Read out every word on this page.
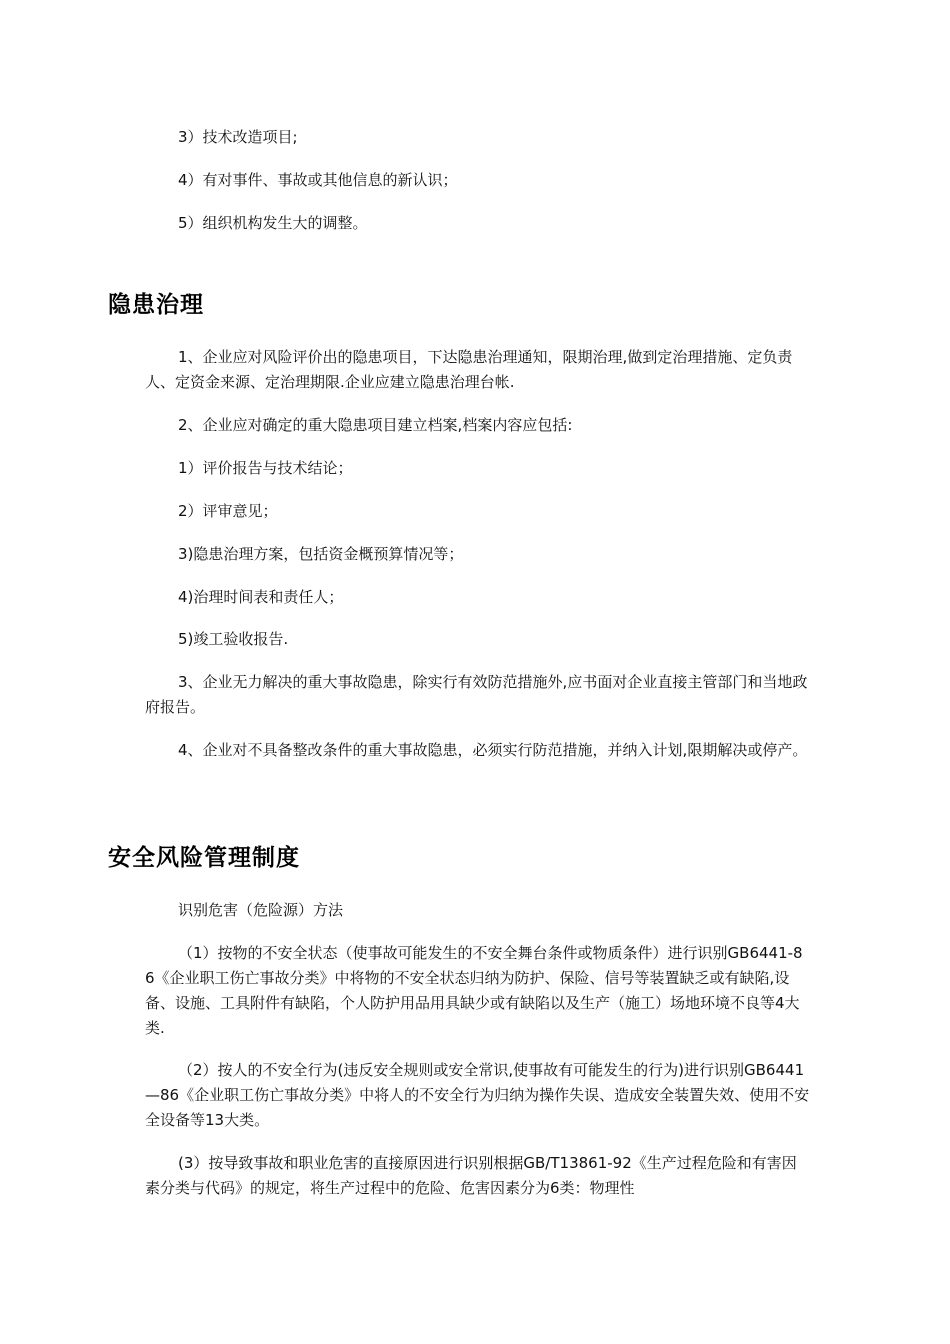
3）技术改造项目;

4）有对事件、事故或其他信息的新认识；

5）组织机构发生大的调整。

隐患治理

1、企业应对风险评价出的隐患项目，下达隐患治理通知，限期治理,做到定治理措施、定负责人、定资金来源、定治理期限.企业应建立隐患治理台帐.

2、企业应对确定的重大隐患项目建立档案,档案内容应包括:

1）评价报告与技术结论；

2）评审意见；

3)隐患治理方案，包括资金概预算情况等；

4)治理时间表和责任人；

5)竣工验收报告.

3、企业无力解决的重大事故隐患，除实行有效防范措施外,应书面对企业直接主管部门和当地政府报告。

4、企业对不具备整改条件的重大事故隐患，必须实行防范措施，并纳入计划,限期解决或停产。

安全风险管理制度

识别危害（危险源）方法

（1）按物的不安全状态（使事故可能发生的不安全舞台条件或物质条件）进行识别GB6441-86《企业职工伤亡事故分类》中将物的不安全状态归纳为防护、保险、信号等装置缺乏或有缺陷,设备、设施、工具附件有缺陷，个人防护用品用具缺少或有缺陷以及生产（施工）场地环境不良等4大类.

（2）按人的不安全行为(违反安全规则或安全常识,使事故有可能发生的行为)进行识别GB6441—86《企业职工伤亡事故分类》中将人的不安全行为归纳为操作失误、造成安全装置失效、使用不安全设备等13大类。

(3）按导致事故和职业危害的直接原因进行识别根据GB/T13861-92《生产过程危险和有害因素分类与代码》的规定，将生产过程中的危险、危害因素分为6类：物理性
